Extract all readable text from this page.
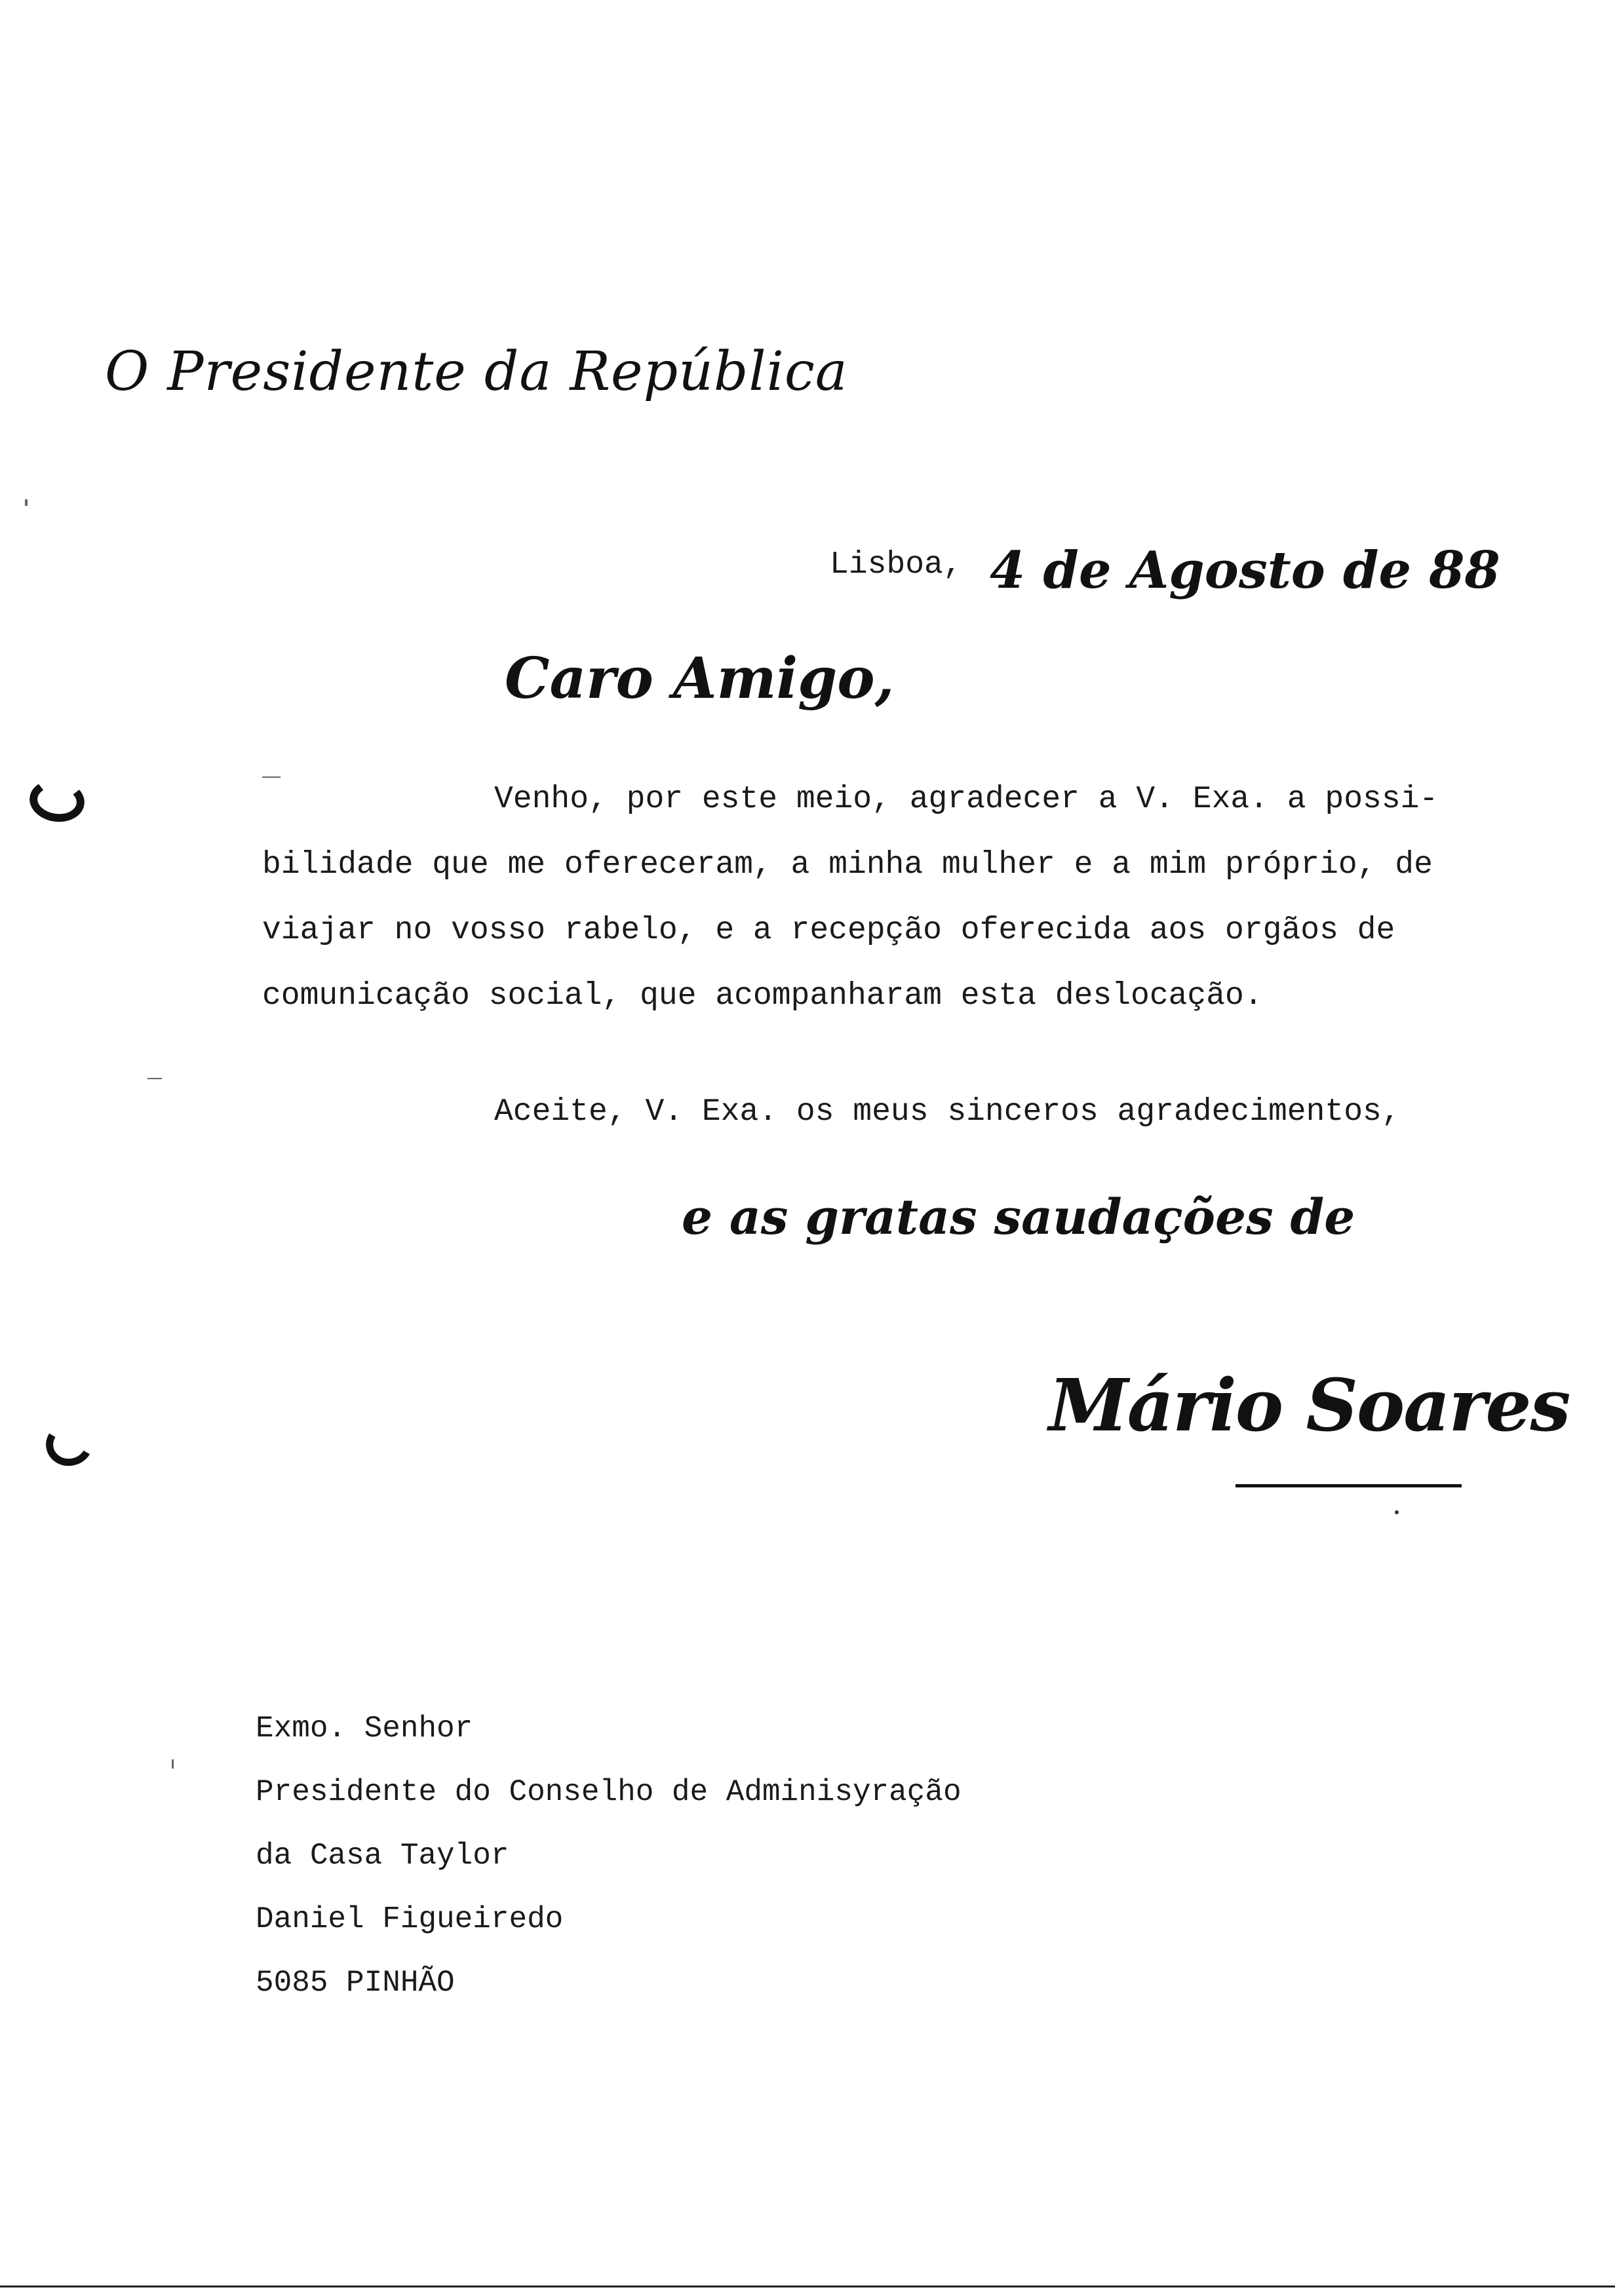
O Presidente da República
Lisboa, 4 de Agosto de 88
Caro Amigo,

Venho, por este meio, agradecer a V. Exa. a possi-
bilidade que me ofereceram, a minha mulher e a mim próprio, de
viajar no vosso rabelo, e a recepção oferecida aos orgãos de
comunicação social, que acompanharam esta deslocação.

Aceite, V. Exa. os meus sinceros agradecimentos,
e as gratas saudações de
Mário Soares
Exmo. Senhor
Presidente do Conselho de Adminisyração
da Casa Taylor
Daniel Figueiredo
5085 PINHÃO
